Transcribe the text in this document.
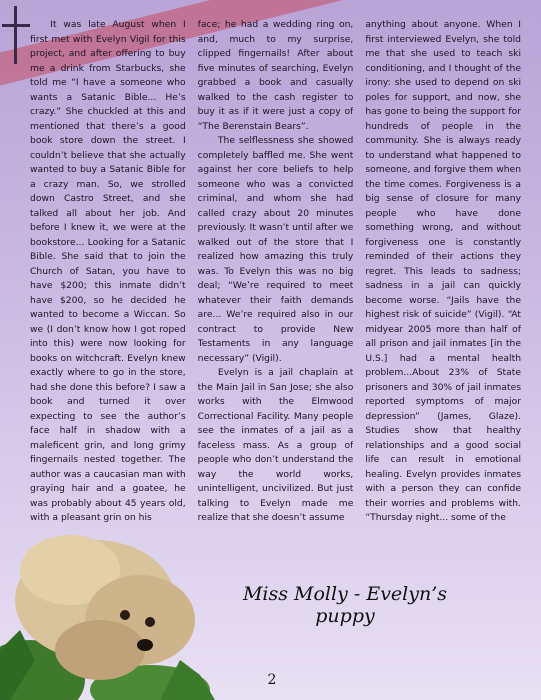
It was late August when I first met with Evelyn Vigil for this project, and after offering to buy me a drink from Starbucks, she told me “I have a someone who wants a Satanic Bible... He’s crazy.” She chuckled at this and mentioned that there’s a good book store down the street. I couldn’t believe that she actually wanted to buy a Satanic Bible for a crazy man. So, we strolled down Castro Street, and she talked all about her job. And before I knew it, we were at the bookstore... Looking for a Satanic Bible. She said that to join the Church of Satan, you have to have $200; this inmate didn’t have $200, so he decided he wanted to become a Wiccan. So we (I don’t know how I got roped into this) were now looking for books on witchcraft. Evelyn knew exactly where to go in the store, had she done this before? I saw a book and turned it over expecting to see the author’s face half in shadow with a maleficent grin, and long grimy fingernails nested together. The author was a caucasian man with graying hair and a goatee, he was probably about 45 years old, with a pleasant grin on his

face; he had a wedding ring on, and, much to my surprise, clipped fingernails! After about five minutes of searching, Evelyn grabbed a book and casually walked to the cash register to buy it as if it were just a copy of “The Berenstain Bears”.

The selflessness she showed completely baffled me. She went against her core beliefs to help someone who was a convicted criminal, and whom she had called crazy about 20 minutes previously. It wasn’t until after we walked out of the store that I realized how amazing this truly was. To Evelyn this was no big deal; “We’re required to meet whatever their faith demands are... We’re required also in our contract to provide New Testaments in any language necessary” (Vigil).

Evelyn is a jail chaplain at the Main Jail in San Jose; she also works with the Elmwood Correctional Facility. Many people see the inmates of a jail as a faceless mass. As a group of people who don’t understand the way the world works, unintelligent, uncivilized. But just talking to Evelyn made me realize that she doesn’t assume

anything about anyone. When I first interviewed Evelyn, she told me that she used to teach ski conditioning, and I thought of the irony: she used to depend on ski poles for support, and now, she has gone to being the support for hundreds of people in the community. She is always ready to understand what happened to someone, and forgive them when the time comes. Forgiveness is a big sense of closure for many people who have done something wrong, and without forgiveness one is constantly reminded of their actions they regret. This leads to sadness; sadness in a jail can quickly become worse. “Jails have the highest risk of suicide” (Vigil). “At midyear 2005 more than half of all prison and jail inmates [in the U.S.] had a mental health problem...About 23% of State prisoners and 30% of jail inmates reported symptoms of major depression” (James, Glaze). Studies show that healthy relationships and a good social life can result in emotional healing. Evelyn provides inmates with a person they can confide their worries and problems with. “Thursday night... some of the

Miss Molly - Evelyn’s puppy
2
